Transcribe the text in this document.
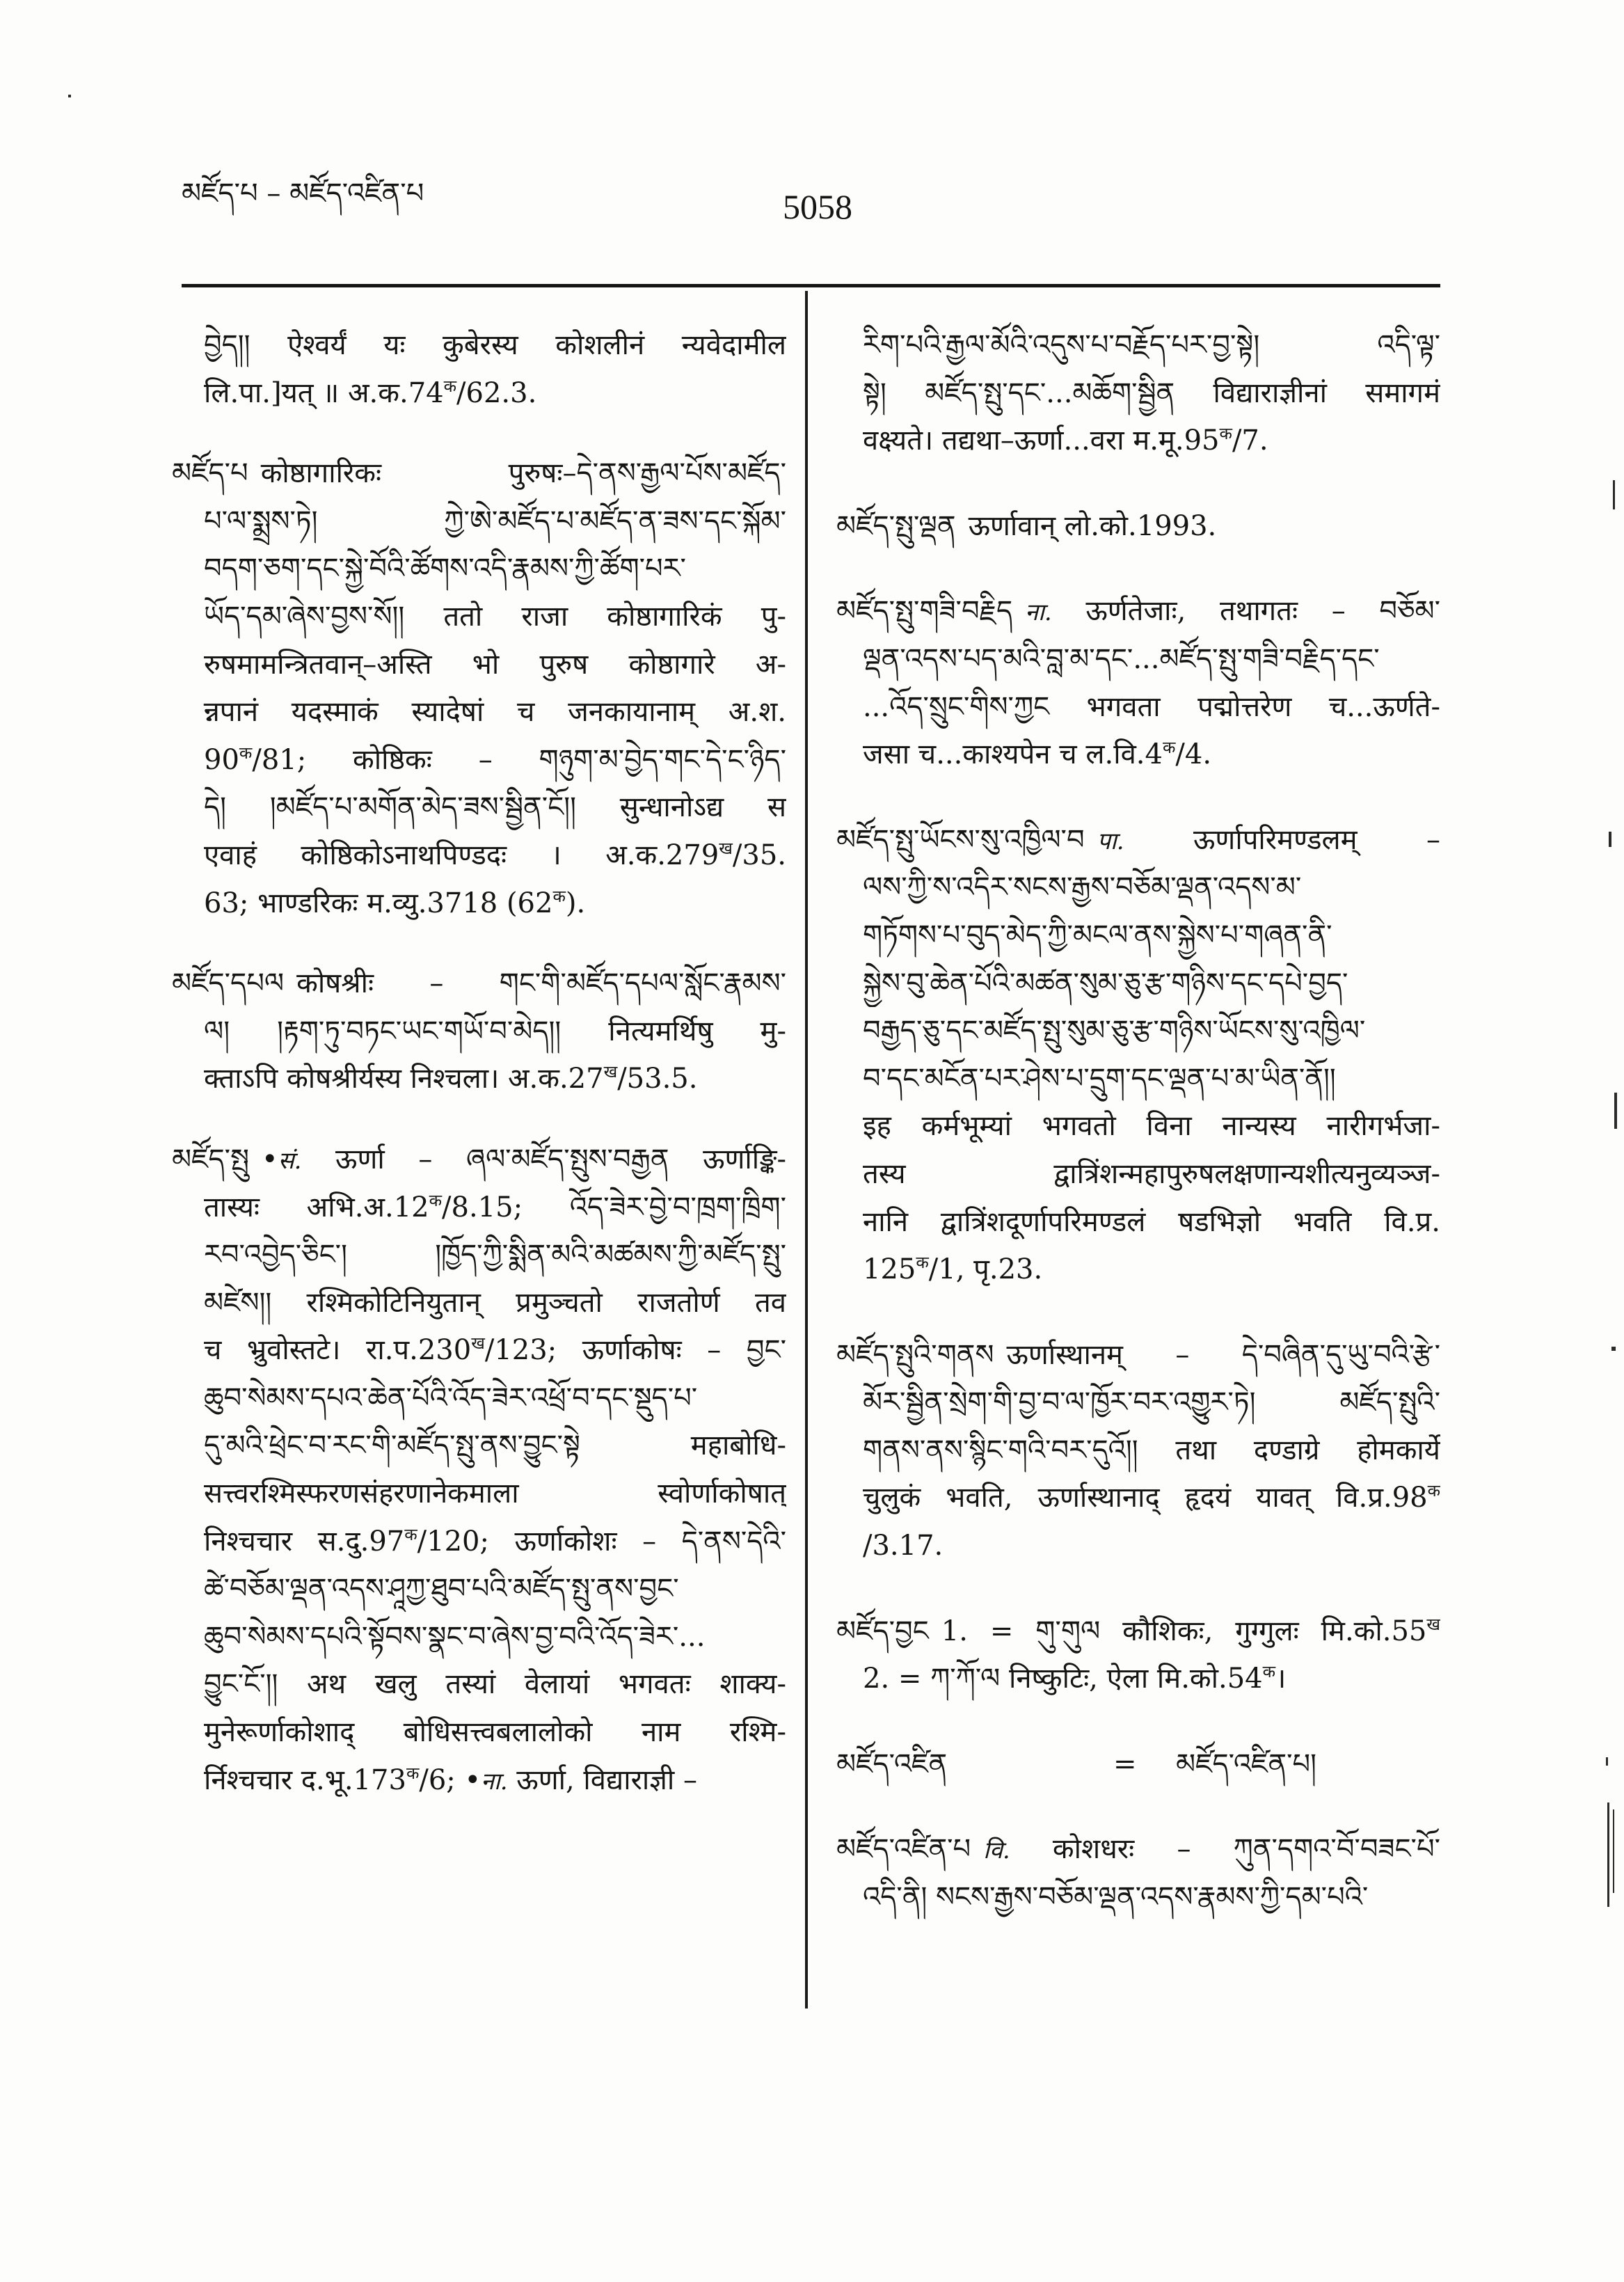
མཛོད་པ – མཛོད་འཛིན་པ	5058
བྱེད།། ऐश्वर्यं यः कुबेरस्य कोशलीनं न्यवेदामील
लि.पा.]यत् ॥ $अ.क.74^क/62.3$.
མཛོད་པ कोष्ठागारिकः पुरुषः–དེ་ནས་རྒྱལ་པོས་མཛོད་
པ་ལ་སྨྲས་ཏེ། ཀྱེ་ཨེ་མཛོད་པ་མཛོད་ན་ཟས་དང་སྐོམ་
བདག་ཅག་དང་སྐྱེ་བོའི་ཚོགས་འདི་རྣམས་ཀྱི་ཚོག་པར་
ཡོད་དམ་ཞེས་བྱས་སོ།། ततो राजा कोष्ठागारिकं पु-
रुषमामन्त्रितवान्–अस्ति भो पुरुष कोष्ठागारे अ-
न्नपानं यदस्माकं स्यादेषां च जनकायानाम् अ.श.
$90^क/81$; कोष्ठिकः – གཉུག་མ་བྱེད་གང་དེ་ང་ཉིད་
དེ། །མཛོད་པ་མགོན་མེད་ཟས་སྦྱིན་ངོ།། सुन्धानोऽद्य स
एवाहं कोष्ठिकोऽनाथपिण्डदः । $अ.क.279^ख/35$.
63; भाण्डरिकः म.व्यु.3718 $(62^क)$.
མཛོད་དཔལ कोषश्रीः – གང་གི་མཛོད་དཔལ་སློང་རྣམས་
ལ། །རྟག་ཏུ་བཏང་ཡང་གཡོ་བ་མེད།། नित्यमर्थिषु मु-
क्ताऽपि कोषश्रीर्यस्य निश्चला। $अ.क.27^ख/53.5$.
མཛོད་སྤུ •सं. ऊर्णा – ཞལ་མཛོད་སྤུས་བརྒྱན ऊर्णाङ्कि-
तास्यः $अभि.अ.12^क/8.15$; འོད་ཟེར་བྱེ་བ་ཁྲག་ཁྲིག་
རབ་འབྱེད་ཅིང་། །ཁྱོད་ཀྱི་སྨིན་མའི་མཚམས་ཀྱི་མཛོད་སྤུ་
མཛེས།། रश्मिकोटिनियुतान् प्रमुञ्चतो राजतोर्ण तव
च भ्रुवोस्तटे। $रा.प.230^ख/123$; ऊर्णाकोषः – བྱང་
ཆུབ་སེམས་དཔའ་ཆེན་པོའི་འོད་ཟེར་འཕྲོ་བ་དང་སྡུད་པ་
དུ་མའི་ཕྲེང་བ་རང་གི་མཛོད་སྤུ་ནས་བྱུང་སྟེ महाबोधि-
सत्त्वरश्मिस्फरणसंहरणानेकमाला स्वोर्णाकोषात्
निश्चचार $स.दु.97^क/120$; ऊर्णाकोशः – དེ་ནས་དེའི་
ཚེ་བཅོམ་ལྡན་འདས་ཤཱཀྱ་ཐུབ་པའི་མཛོད་སྤུ་ནས་བྱང་
ཆུབ་སེམས་དཔའི་སྟོབས་སྣང་བ་ཞེས་བྱ་བའི་འོད་ཟེར་...
བྱུང་ངོ་།། अथ खलु तस्यां वेलायां भगवतः शाक्य-
मुनेरूर्णाकोशाद् बोधिसत्त्वबलालोको नाम रश्मि-
र्निश्चचार $द.भू.173^क/6$; •ना. ऊर्णा, विद्याराज्ञी –
རིག་པའི་རྒྱལ་མོའི་འདུས་པ་བརྗོད་པར་བྱ་སྟེ། འདི་ལྟ་
སྟེ། མཛོད་སྤུ་དང་...མཆོག་སྦྱིན विद्याराज्ञीनां समागमं
वक्ष्यते। तद्यथा–ऊर्णा...वरा $म.मू.95^क/7$.
མཛོད་སྤུ་ལྡན ऊर्णावान् लो.को.1993.
མཛོད་སྤུ་གཟི་བརྗིད ना. ऊर्णतेजाः, तथागतः – བཅོམ་
ལྡན་འདས་པད་མའི་བླ་མ་དང་...མཛོད་སྤུ་གཟི་བརྗིད་དང་
...འོད་སྲུང་གིས་ཀྱང भगवता पद्मोत्तरेण च...ऊर्णते-
जसा च...काश्यपेन च $ल.वि.4^क/4$.
མཛོད་སྤུ་ཡོངས་སུ་འཁྱིལ་བ पा. ऊर्णापरिमण्डलम् –
ལས་ཀྱི་ས་འདིར་སངས་རྒྱས་བཅོམ་ལྡན་འདས་མ་
གཏོགས་པ་བུད་མེད་ཀྱི་མངལ་ནས་སྐྱེས་པ་གཞན་ནི་
སྐྱེས་བུ་ཆེན་པོའི་མཚན་སུམ་ཅུ་རྩ་གཉིས་དང་དཔེ་བྱད་
བརྒྱད་ཅུ་དང་མཛོད་སྤུ་སུམ་ཅུ་རྩ་གཉིས་ཡོངས་སུ་འཁྱིལ་
བ་དང་མངོན་པར་ཤེས་པ་དྲུག་དང་ལྡན་པ་མ་ཡིན་ནོ།།
इह कर्मभूम्यां भगवतो विना नान्यस्य नारीगर्भजा-
तस्य द्वात्रिंशन्महापुरुषलक्षणान्यशीत्यनुव्यञ्ज-
नानि द्वात्रिंशदूर्णापरिमण्डलं षडभिज्ञो भवति वि.प्र.
$125^क/1$, पृ.23.
མཛོད་སྤུའི་གནས ऊर्णास्थानम् – དེ་བཞིན་དུ་ཡུ་བའི་རྩེ་
མོར་སྦྱིན་སྲེག་གི་བྱ་བ་ལ་ཁྱོར་བར་འགྱུར་ཏེ། མཛོད་སྤུའི་
གནས་ནས་སྙིང་གའི་བར་དུའོ།། तथा दण्डाग्रे होमकार्ये
चुलुकं भवति, ऊर्णास्थानाद् हृदयं यावत् $वि.प्र.98^क$
/3.17.
མཛོད་བྱང 1. = གུ་གུལ कौशिकः, गुग्गुलः $मि.को.55^ख$
2. = ཀ་ཀོ་ལ निष्कुटिः, ऐला $मि.को.54^क।$
མཛོད་འཛིན	= མཛོད་འཛིན་པ།
མཛོད་འཛིན་པ वि. कोशधरः – ཀུན་དགའ་བོ་བཟང་པོ་
འདི་ནི། སངས་རྒྱས་བཅོམ་ལྡན་འདས་རྣམས་ཀྱི་དམ་པའི་
